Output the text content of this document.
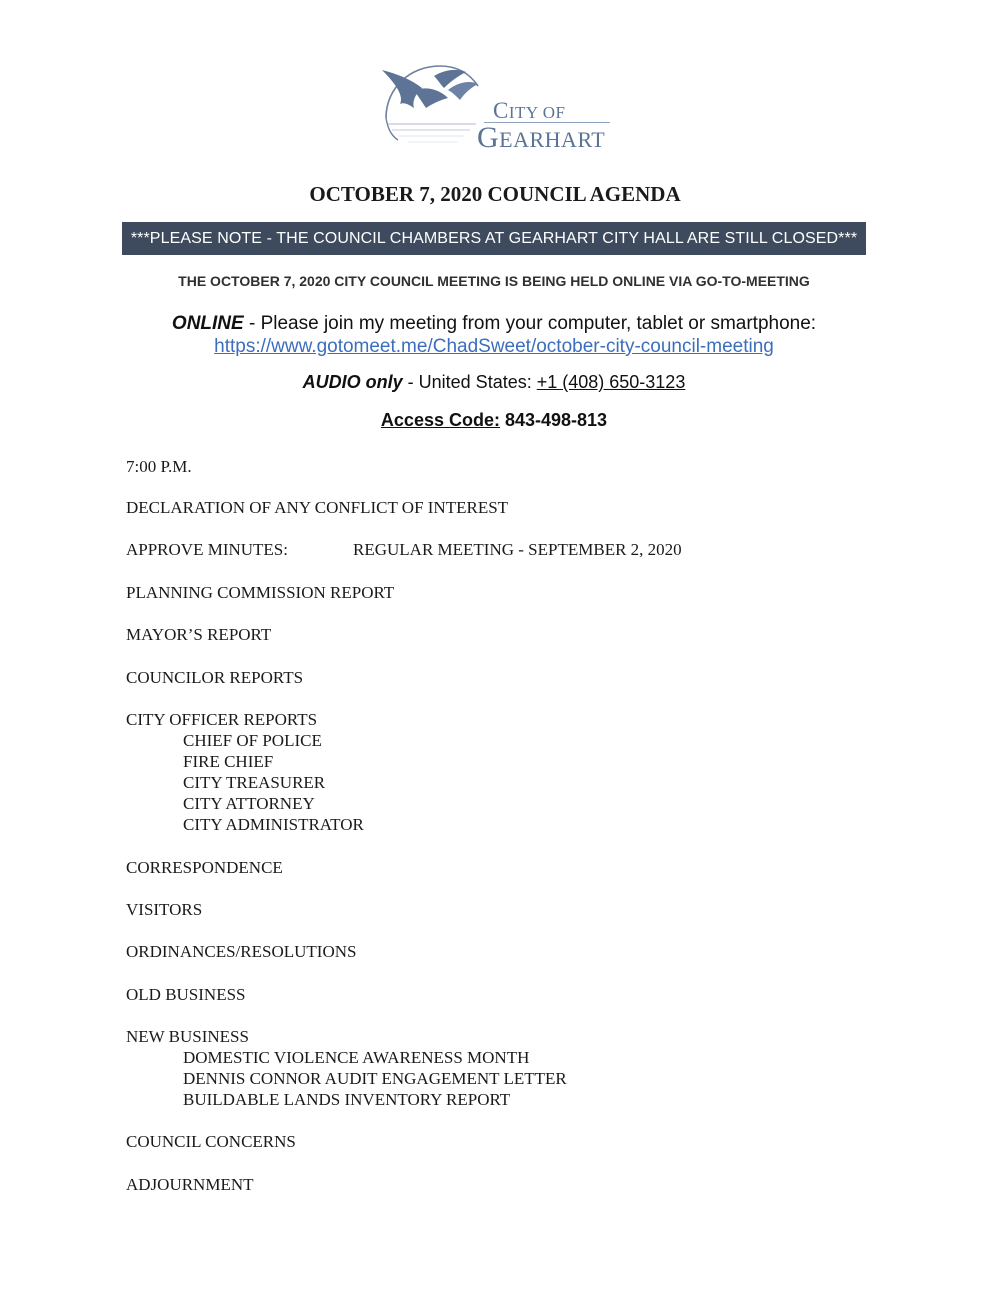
CITY OF
GEARHART
OCTOBER 7, 2020 COUNCIL AGENDA
***PLEASE NOTE - THE COUNCIL CHAMBERS AT GEARHART CITY HALL ARE STILL CLOSED***
THE OCTOBER 7, 2020 CITY COUNCIL MEETING IS BEING HELD ONLINE VIA GO-TO-MEETING
ONLINE - Please join my meeting from your computer, tablet or smartphone:
https://www.gotomeet.me/ChadSweet/october-city-council-meeting
AUDIO only - United States: +1 (408) 650-3123
Access Code: 843-498-813
7:00 P.M.
DECLARATION OF ANY CONFLICT OF INTEREST
APPROVE MINUTES:	REGULAR MEETING - SEPTEMBER 2, 2020
PLANNING COMMISSION REPORT
MAYOR’S REPORT
COUNCILOR REPORTS
CITY OFFICER REPORTS
CHIEF OF POLICE
FIRE CHIEF
CITY TREASURER
CITY ATTORNEY
CITY ADMINISTRATOR
CORRESPONDENCE
VISITORS
ORDINANCES/RESOLUTIONS
OLD BUSINESS
NEW BUSINESS
DOMESTIC VIOLENCE AWARENESS MONTH
DENNIS CONNOR AUDIT ENGAGEMENT LETTER
BUILDABLE LANDS INVENTORY REPORT
COUNCIL CONCERNS
ADJOURNMENT
